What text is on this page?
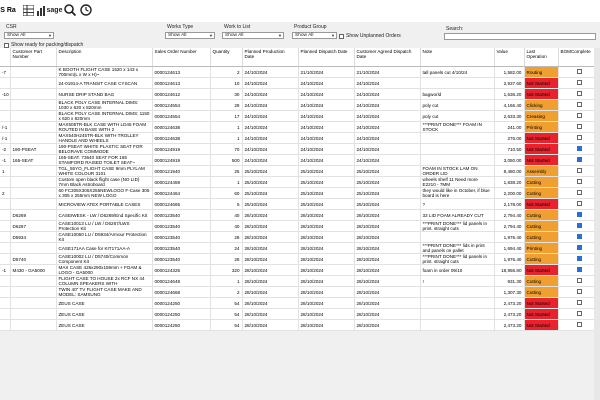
S Ra	sage
CSR
Show All	▼
Show ready for packing/dispatch
Works Type
Show All	▼
Work to List
Show All	▼
Product Group
Show All	▼ Show Unplanned Orders
Search:
	Customer Part Number	Description	Sales Order Number	Quantity	Planned Production Date	Planned Dispatch Date	Customer Agreed Dispatch Date	Note	Value	Last Operation	BOMComplete
-7		K BOOTH FLIGHT CASE 1520 x 143 x 700mm(L x W x H)~	0000124613	2	24/10/2024	21/10/2024	21/10/2024	tall panels cut 4/10/24	1,582.00	Routing	
		24-01914-A TRANSIT CASE CYSCAN	0000124613	10	24/10/2024	24/10/2024	24/10/2024		2,937.60	Not Started	
-10		NURSE DRIP STAND BAG	0000124612	30	24/10/2024	24/10/2024	24/10/2024	bagworld	1,536.20	Not Started	
		BLACK POLY CASE INTERNAL DIMS: 1030 x 620 x 820mm	0000124554	28	24/10/2024	24/10/2024	24/10/2024	poly cut	4,166.40	Clicking	
		BLACK POLY CASE INTERNAL DIMS: 1150 x 620 x 820mm	0000124554	17	24/10/2024	24/10/2024	24/10/2024	poly cut	2,633.30	Creasing	
/-1		MAX505TR-BLK CASE WITH LD45 FOAM ROUTED IN BASE WITH 2	0000124638	1	24/10/2024	24/10/2024	24/10/2024	***PRINT DONE*** FOAM IN STOCK	241.00	Printing	
/-1		MAX540H245TR-BLK WITH TROLLEY HANDLE AND WHEELS	0000124638	1	24/10/2024	24/10/2024	24/10/2024		276.00	Not Started	
-2	190-PSEAT	190-PSEAT WHITE PLASTIC SEAT FOR BELGRAVE COMMODE	0000124919	70	24/10/2024	24/10/2024	24/10/2024		710.50	Not Started	
-1	165-SEAT	165-SEAT. 73640 SEAT FOR 165 STAMFORD RAISED TOILET SEAT~	0000124919	500	24/10/2024	24/10/2024	24/10/2024		3,050.00	Not Started	
1		TGL_55YO_FLIGHT CASE 9mm PLYLAM WHITE COLOUR 3101	0000121940	25	25/10/2024	25/10/2024	25/10/2024	FOAM IN STOCK LAM ON ORDER LID	8,480.00	Assembly	
		Custom open black flight case (NO LID) 7mm Black Astroboard	0000124459	1	25/10/2024	25/10/2024	25/10/2024	wheels shelf 11 Need more E2210 - 7MM	1,838.20	Cutting	
2		60 FC305X305X255NEWLOGO F-Case 305 x 305 x 255mm NEW LOGO	0000124464	60	25/10/2024	25/10/2024	25/10/2024	they would like in October, if blue board is here	2,200.00	Cutting	
		MICROVIEW ATEX PORTABLE CASES	0000124665	5	25/10/2024	25/10/2024	25/10/2024	?	2,178.00	Not Started	
	D6269	CASEIWESK - LW / D6269/End Specific Kit	0000123540	40	28/10/2024	28/10/2024	28/10/2024	33 LID FOAM ALREADY CUT	2,794.40	Cutting	
	D6267	CASE10013 LU / LW / D6267/LWS Protection Kit	0000123540	40	28/10/2024	28/10/2024	28/10/2024	***PRINT DONE*** lid panels in print. straight cuts	2,794.40	Cutting	
	D5934	CASE10060 LU / D5934/Armour Protection Kit	0000123540	28	28/10/2024	28/10/2024	28/10/2024		1,976.40	Cutting	
		CASE171AA Case for KIT171AA-A	0000123540	24	28/10/2024	28/10/2024	28/10/2024	***PRINT DONE*** lids in print and panels on pallet	1,694.40	Printing	
	D5740	CASE10002 LU / D5740/Common Component Kit	0000123540	28	28/10/2024	28/10/2024	28/10/2024	***PRINT DONE*** lid panels in print. straight cuts	1,976.40	Cutting	
-1	M430 - GA5000	MAX CASE 426x290x159mm + FOAM & LOGO - GA5000	0000124325	320	28/10/2024	28/10/2024	28/10/2024	foam in order 09/10	18,956.80	Not Started	
		FLIGHT CASE TO HOUSE 2x RCF NX 44 COLUMN SPEAKERS WITH	0000124648	1	28/10/2024	28/10/2024	28/10/2024	!	931.30	Cutting	
		TWIN 40" TV FLIGHT CASE MAKE AND MODEL: SAMSUNG	0000124668	2	28/10/2024	28/10/2024	28/10/2024		1,307.30	Cutting	
		ZEUS CASE	0000124250	54	28/10/2024	28/10/2024	28/10/2024		2,473.20	Not Started	
		ZEUS CASE	0000124250	54	28/10/2024	28/10/2024	28/10/2024		2,473.20	Not Started	
		ZEUS CASE	0000124250	54	28/10/2024	28/10/2024	28/10/2024		2,473.20	Not Started	
